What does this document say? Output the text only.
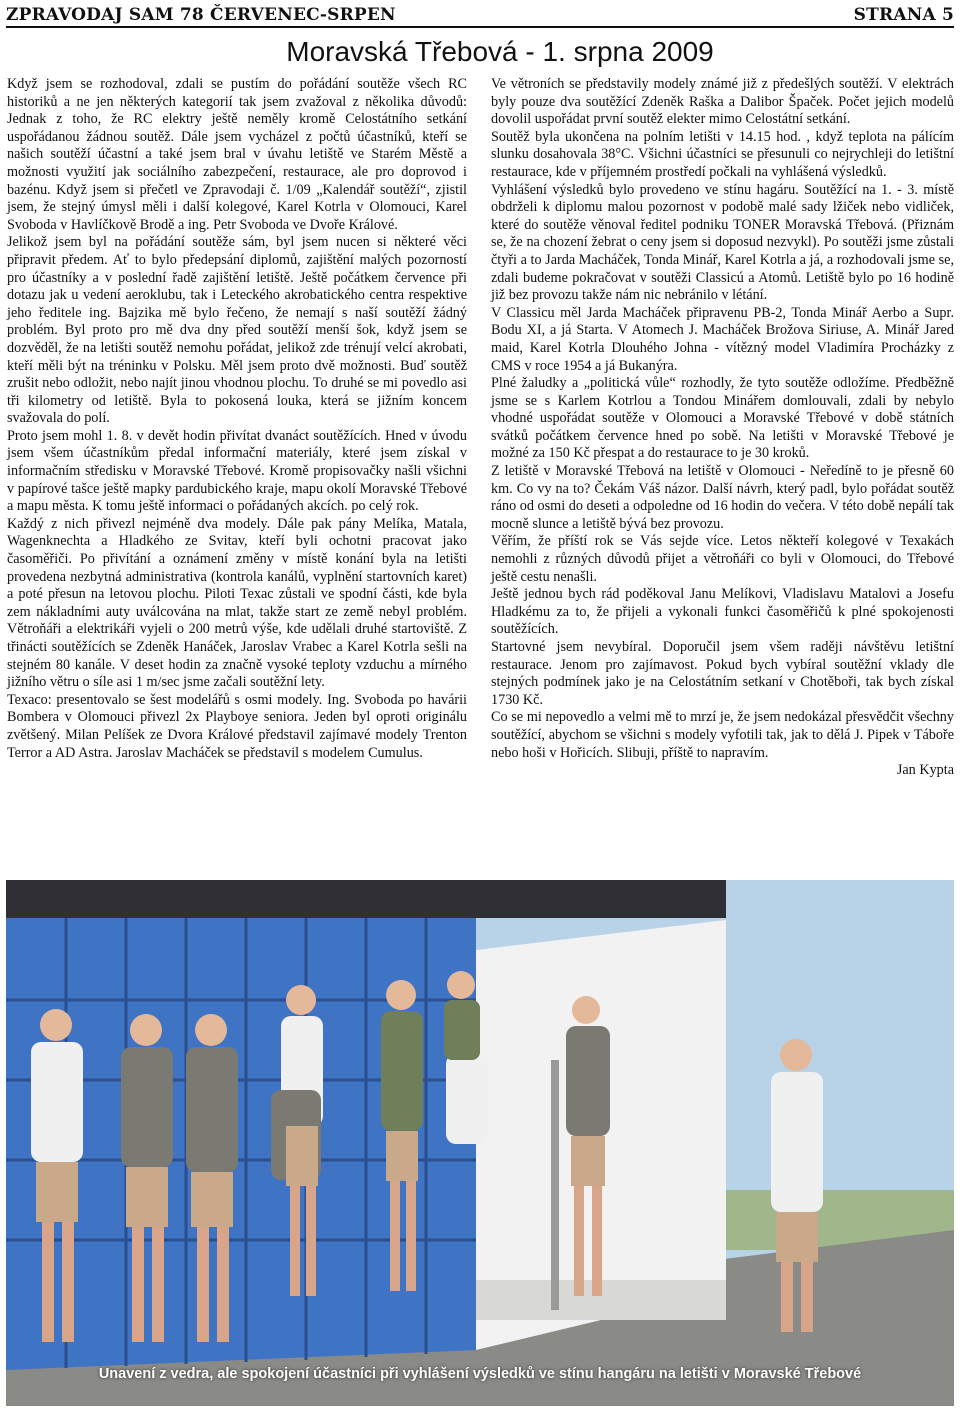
ZPRAVODAJ SAM 78 ČERVENEC-SRPEN	STRANA 5
Moravská Třebová - 1. srpna 2009

Když jsem se rozhodoval, zdali se pustím do pořádání soutěže všech RC historiků a ne jen některých kategorií tak jsem zvažoval z několika důvodů: Jednak z toho, že RC elektry ještě neměly kromě Celostátního setkání uspořádanou žádnou soutěž. Dále jsem vycházel z počtů účastníků, kteří se našich soutěží účastní a také jsem bral v úvahu letiště ve Starém Městě a možnosti využití jak sociálního zabezpečení, restaurace, ale pro doprovod i bazénu. Když jsem si přečetl ve Zpravodaji č. 1/09 „Kalendář soutěží“, zjistil jsem, že stejný úmysl měli i další kolegové, Karel Kotrla v Olomouci, Karel Svoboda v Havlíčkově Brodě a ing. Petr Svoboda ve Dvoře Králové.

Jelikož jsem byl na pořádání soutěže sám, byl jsem nucen si některé věci připravit předem. Ať to bylo předepsání diplomů, zajištění malých pozorností pro účastníky a v poslední řadě zajištění letiště. Ještě počátkem července při dotazu jak u vedení aeroklubu, tak i Leteckého akrobatického centra respektive jeho ředitele ing. Bajzika mě bylo řečeno, že nemají s naší soutěží žádný problém. Byl proto pro mě dva dny před soutěží menší šok, když jsem se dozvěděl, že na letišti soutěž nemohu pořádat, jelikož zde trénují velcí akrobati, kteří měli být na tréninku v Polsku. Měl jsem proto dvě možnosti. Buď soutěž zrušit nebo odložit, nebo najít jinou vhodnou plochu. To druhé se mi povedlo asi tři kilometry od letiště. Byla to pokosená louka, která se jižním koncem svažovala do polí.

Proto jsem mohl 1. 8. v devět hodin přivítat dvanáct soutěžících. Hned v úvodu jsem všem účastníkům předal informační materiály, které jsem získal v informačním středisku v Moravské Třebové. Kromě propisovačky našli všichni v papírové tašce ještě mapky pardubického kraje, mapu okolí Moravské Třebové a mapu města. K tomu ještě informaci o pořádaných akcích. po celý rok.

Každý z nich přivezl nejméně dva modely. Dále pak pány Melíka, Matala, Wagenknechta a Hladkého ze Svitav, kteří byli ochotni pracovat jako časoměřiči. Po přivítání a oznámení změny v místě konání byla na letišti provedena nezbytná administrativa (kontrola kanálů, vyplnění startovních karet) a poté přesun na letovou plochu. Piloti Texac zůstali ve spodní části, kde byla zem nákladními auty uválcována na mlat, takže start ze země nebyl problém. Větroňáři a elektrikáři vyjeli o 200 metrů výše, kde udělali druhé startoviště. Z třinácti soutěžících se Zdeněk Hanáček, Jaroslav Vrabec a Karel Kotrla sešli na stejném 80 kanále. V deset hodin za značně vysoké teploty vzduchu a mírného jižního větru o síle asi 1 m/sec jsme začali soutěžní lety.

Texaco: presentovalo se šest modelářů s osmi modely. Ing. Svoboda po havárii Bombera v Olomouci přivezl 2x Playboye seniora. Jeden byl oproti originálu zvětšený. Milan Pelíšek ze Dvora Králové představil zajímavé modely Trenton Terror a AD Astra. Jaroslav Macháček se představil s modelem Cumulus.

Ve větroních se představily modely známé již z předešlých soutěží. V elektrách byly pouze dva soutěžící Zdeněk Raška a Dalibor Špaček. Počet jejich modelů dovolil uspořádat první soutěž elekter mimo Celostátní setkání.

Soutěž byla ukončena na polním letišti v 14.15 hod. , když teplota na pálícím slunku dosahovala 38°C. Všichni účastníci se přesunuli co nejrychleji do letištní restaurace, kde v příjemném prostředí počkali na vyhlášená výsledků.

Vyhlášení výsledků bylo provedeno ve stínu hagáru. Soutěžící na 1. - 3. místě obdrželi k diplomu malou pozornost v podobě malé sady lžiček nebo vidliček, které do soutěže věnoval ředitel podniku TONER Moravská Třebová. (Přiznám se, že na chození žebrat o ceny jsem si doposud nezvykl). Po soutěži jsme zůstali čtyři a to Jarda Macháček, Tonda Minář, Karel Kotrla a já, a rozhodovali jsme se, zdali budeme pokračovat v soutěži Classicú a Atomů. Letiště bylo po 16 hodině již bez provozu takže nám nic nebránilo v létání.

V Classicu měl Jarda Macháček připravenu PB-2, Tonda Minář Aerbo a Supr. Bodu XI, a já Starta. V Atomech J. Macháček Brožova Siriuse, A. Minář Jared maid, Karel Kotrla Dlouhého Johna - vítězný model Vladimíra Procházky z CMS v roce 1954 a já Bukanýra.

Plné žaludky a „politická vůle“ rozhodly, že tyto soutěže odložíme. Předběžně jsme se s Karlem Kotrlou a Tondou Minářem domlouvali, zdali by nebylo vhodné uspořádat soutěže v Olomouci a Moravské Třebové v době státních svátků počátkem července hned po sobě. Na letišti v Moravské Třebové je možné za 150 Kč přespat a do restaurace to je 30 kroků.

Z letiště v Moravské Třebová na letiště v Olomouci - Neředíně to je přesně 60 km. Co vy na to? Čekám Váš názor. Další návrh, který padl, bylo pořádat soutěž ráno od osmi do deseti a odpoledne od 16 hodin do večera. V této době nepálí tak mocně slunce a letiště bývá bez provozu.

Věřím, že příští rok se Vás sejde více. Letos někteří kolegové v Texakách nemohli z různých důvodů přijet a větroňáři co byli v Olomouci, do Třebové ještě cestu nenašli.

Ještě jednou bych rád poděkoval Janu Melíkovi, Vladislavu Matalovi a Josefu Hladkému za to, že přijeli a vykonali funkci časoměřičů k plné spokojenosti soutěžících.

Startovné jsem nevybíral. Doporučil jsem všem raději návštěvu letištní restaurace. Jenom pro zajímavost. Pokud bych vybíral soutěžní vklady dle stejných podmínek jako je na Celostátním setkaní v Chotěboři, tak bych získal 1730 Kč.

Co se mi nepovedlo a velmi mě to mrzí je, že jsem nedokázal přesvědčit všechny soutěžící, abychom se všichni s modely vyfotili tak, jak to dělá J. Pipek v Táboře nebo hoši v Hořicích. Slibuji, příště to napravím.

Jan Kypta

Unavení z vedra, ale spokojení účastníci při vyhlášení výsledků ve stínu hangáru na letišti v Moravské Třebové
